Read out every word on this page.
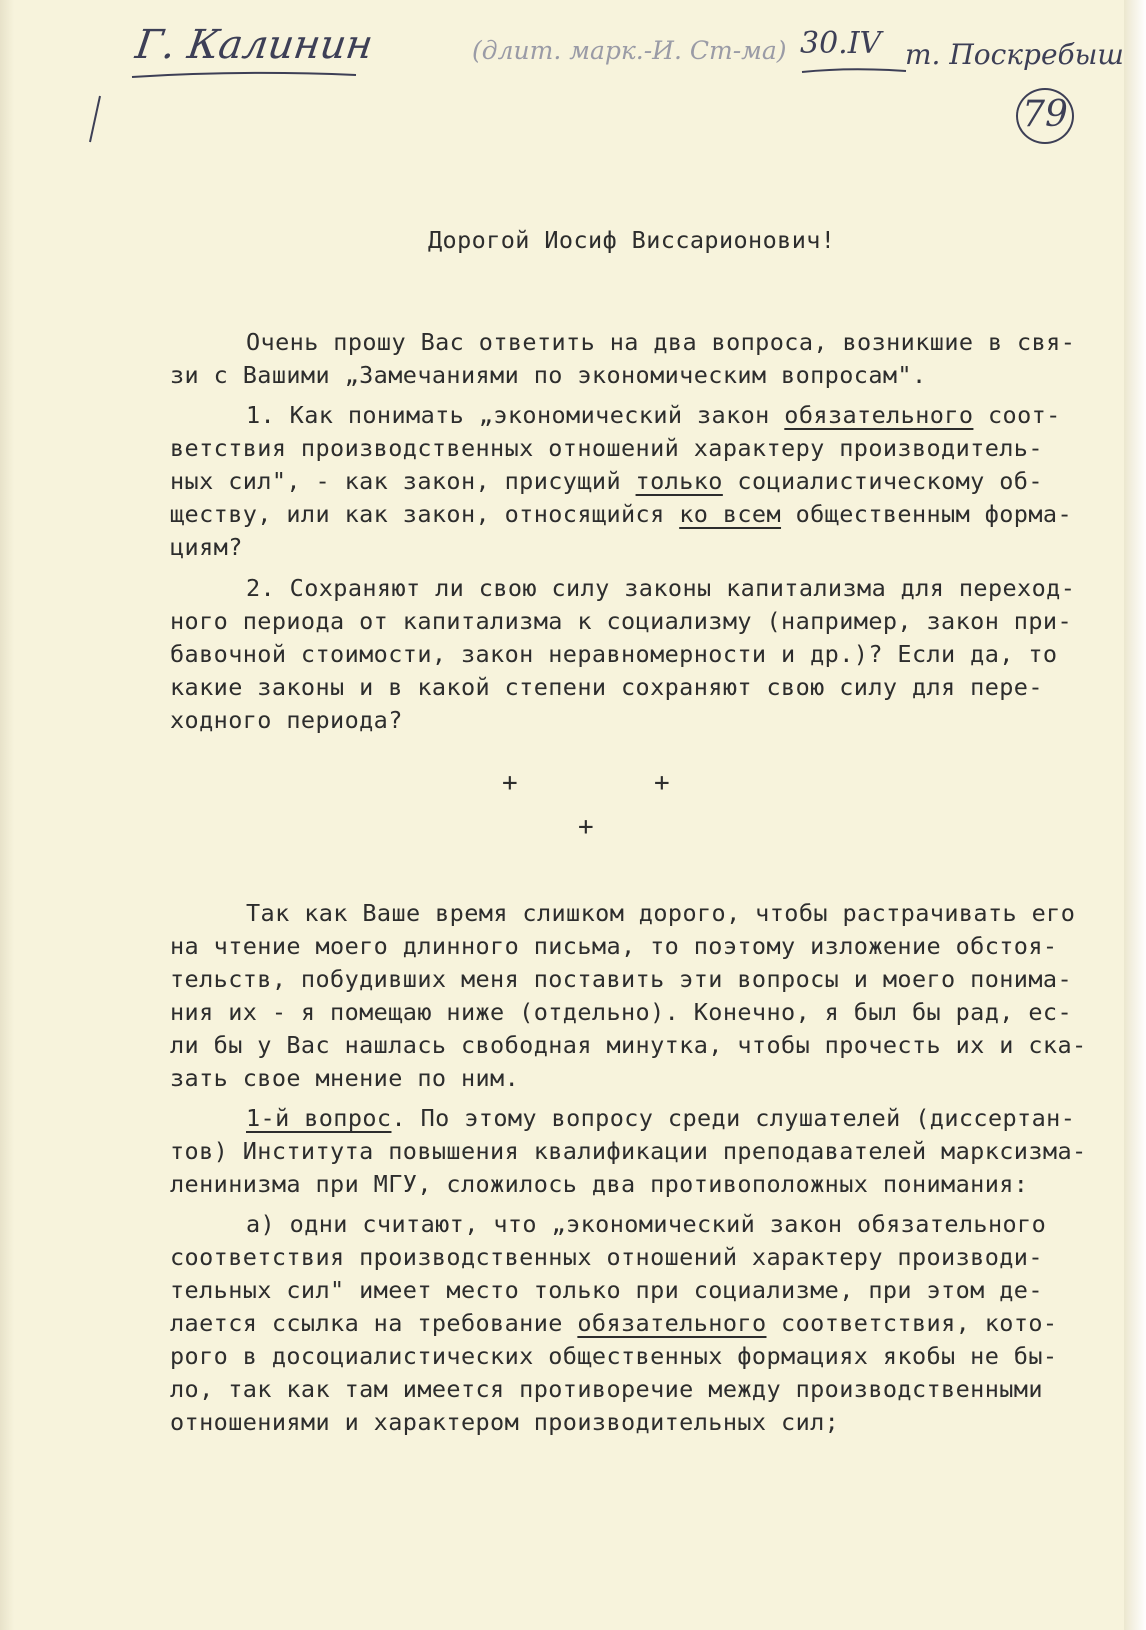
Г. Калинин	(длит. марк.-И. Ст-ма) 30.IV т. Поскребыш
79
Дорогой Иосиф Виссарионович!
Очень прошу Вас ответить на два вопроса, возникшие в свя-
зи с Вашими „Замечаниями по экономическим вопросам".
1. Как понимать „экономический закон обязательного соот-
ветствия производственных отношений характеру производитель-
ных сил", - как закон, присущий только социалистическому об-
ществу, или как закон, относящийся ко всем общественным форма-
циям?
2. Сохраняют ли свою силу законы капитализма для переход-
ного периода от капитализма к социализму (например, закон при-
бавочной стоимости, закон неравномерности и др.)? Если да, то
какие законы и в какой степени сохраняют свою силу для пере-
ходного периода?
+	+
+
Так как Ваше время слишком дорого, чтобы растрачивать его
на чтение моего длинного письма, то поэтому изложение обстоя-
тельств, побудивших меня поставить эти вопросы и моего понима-
ния их - я помещаю ниже (отдельно). Конечно, я был бы рад, ес-
ли бы у Вас нашлась свободная минутка, чтобы прочесть их и ска-
зать свое мнение по ним.
1-й вопрос. По этому вопросу среди слушателей (диссертан-
тов) Института повышения квалификации преподавателей марксизма-
ленинизма при МГУ, сложилось два противоположных понимания:
а) одни считают, что „экономический закон обязательного
соответствия производственных отношений характеру производи-
тельных сил" имеет место только при социализме, при этом де-
лается ссылка на требование обязательного соответствия, кото-
рого в досоциалистических общественных формациях якобы не бы-
ло, так как там имеется противоречие между производственными
отношениями и характером производительных сил;
